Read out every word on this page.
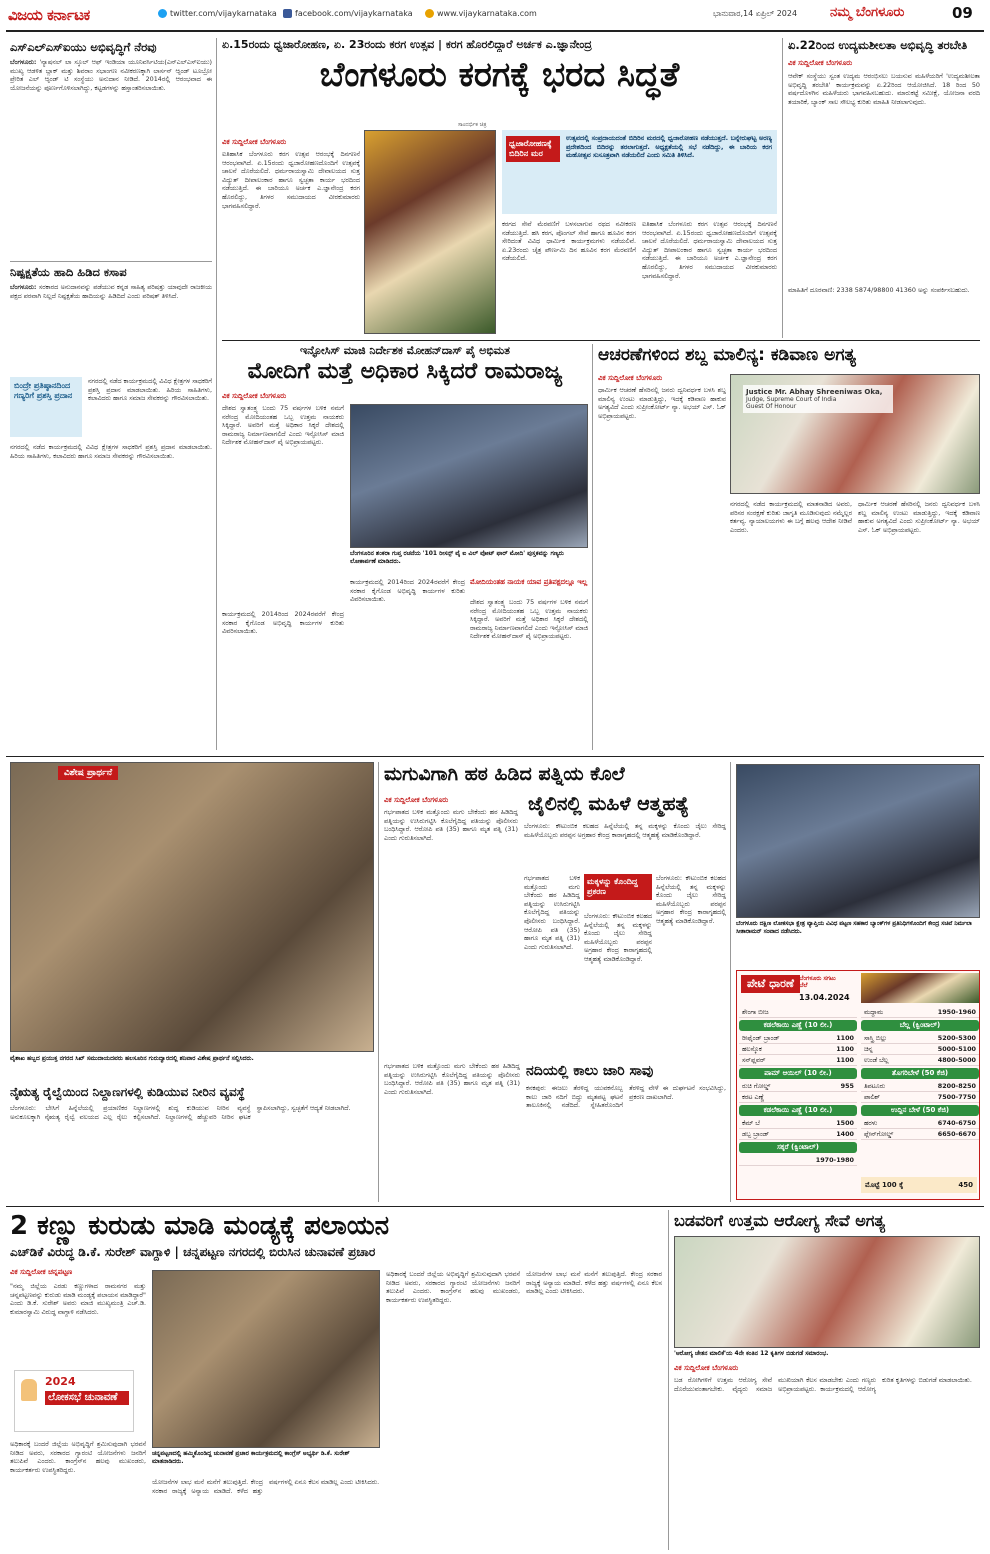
ವಿಜಯ ಕರ್ನಾಟಕ	twitter.com/vijaykarnataka facebook.com/vijaykarnataka	www.vijaykarnataka.com	ಭಾನುವಾರ,14 ಏಪ್ರಿಲ್ 2024	ನಮ್ಮ ಬೆಂಗಳೂರು	09
ಎಸ್‌ಎಲ್‌ಎಸ್‌ಐಯು ಅಭಿವೃದ್ಧಿಗೆ ನೆರವು
ಬೆಂಗಳೂರು: 'ನ್ಯಾಷನಲ್ ಲಾ ಸ್ಕೂಲ್ ಆಫ್ ಇಂಡಿಯಾ ಯೂನಿವರ್ಸಿಟಿಯ(ಎನ್‌ಎಲ್‌ಎಸ್‌ಐಯು) ಮುಖ್ಯ ಆಡಳಿತ ಬ್ಲಾಕ್ ಮತ್ತು ಶಿವರಾಂ ಸಭಾಂಗಣ ನವೀಕರಣಕ್ಕಾಗಿ ಲಾರ್ಸನ್ ಆ್ಯಂಡ್ ಟೂಬ್ರೋ ಪ್ರೇರಿತ ಎಲ್‌ ಆ್ಯಂಡ್ ಟಿ ಸಂಸ್ಥೆಯು ಅನುದಾನ ನೀಡಿದೆ. 2014ರಲ್ಲಿ ಆರಂಭವಾದ ಈ ಯೋಜನೆಯನ್ನು ಪೂರ್ಣಗೊಳಿಸಲಾಗಿದ್ದು, ಕಟ್ಟಡಗಳನ್ನು ಹಸ್ತಾಂತರಿಸಲಾಯಿತು.
ನಿಷ್ಪಕ್ಷತೆಯ ಹಾದಿ ಹಿಡಿದ ಕಸಾಪ
ಬೆಂಗಳೂರು: ಸರಕಾರದ ಅನುದಾನವನ್ನು ಪಡೆಯುವ ಕನ್ನಡ ಸಾಹಿತ್ಯ ಪರಿಷತ್ತು ಯಾವುದೇ ರಾಜಕೀಯ ಪಕ್ಷದ ಪರವಾಗಿ ನಿಲ್ಲದೆ ನಿಷ್ಪಕ್ಷತೆಯ ಹಾದಿಯನ್ನು ಹಿಡಿದಿದೆ ಎಂದು ಪರಿಷತ್ ತಿಳಿಸಿದೆ.
ಬಿಂದ್ರೇ ಪ್ರತಿಷ್ಠಾನದಿಂದ ಗಣ್ಯರಿಗೆ ಪ್ರಶಸ್ತಿ ಪ್ರದಾನ
ನಗರದಲ್ಲಿ ನಡೆದ ಕಾರ್ಯಕ್ರಮದಲ್ಲಿ ವಿವಿಧ ಕ್ಷೇತ್ರಗಳ ಸಾಧಕರಿಗೆ ಪ್ರಶಸ್ತಿ ಪ್ರದಾನ ಮಾಡಲಾಯಿತು. ಹಿರಿಯ ಸಾಹಿತಿಗಳು, ಕಲಾವಿದರು ಹಾಗೂ ಸಮಾಜ ಸೇವಕರನ್ನು ಗೌರವಿಸಲಾಯಿತು.
ನಗರದಲ್ಲಿ ನಡೆದ ಕಾರ್ಯಕ್ರಮದಲ್ಲಿ ವಿವಿಧ ಕ್ಷೇತ್ರಗಳ ಸಾಧಕರಿಗೆ ಪ್ರಶಸ್ತಿ ಪ್ರದಾನ ಮಾಡಲಾಯಿತು. ಹಿರಿಯ ಸಾಹಿತಿಗಳು, ಕಲಾವಿದರು ಹಾಗೂ ಸಮಾಜ ಸೇವಕರನ್ನು ಗೌರವಿಸಲಾಯಿತು.
ಏ.15ರಂದು ಧ್ವಜಾರೋಹಣ, ಏ. 23ರಂದು ಕರಗ ಉತ್ಸವ | ಕರಗ ಹೊರಲಿದ್ದಾರೆ ಅರ್ಚಕ ಎ.ಜ್ಞಾನೇಂದ್ರ
ಬೆಂಗಳೂರು ಕರಗಕ್ಕೆ ಭರದ ಸಿದ್ಧತೆ
ಸಾಂದರ್ಭಿಕ ಚಿತ್ರ
ವಿಕ ಸುದ್ದಿಲೋಕ ಬೆಂಗಳೂರು
ಐತಿಹಾಸಿಕ ಬೆಂಗಳೂರು ಕರಗ ಉತ್ಸವ ಆರಂಭಕ್ಕೆ ದಿನಗಣನೆ ಆರಂಭವಾಗಿದೆ. ಏ.15ರಂದು ಧ್ವಜಾರೋಹಣದೊಂದಿಗೆ ಉತ್ಸವಕ್ಕೆ ಚಾಲನೆ ದೊರೆಯಲಿದೆ. ಧರ್ಮರಾಯಸ್ವಾಮಿ ದೇವಾಲಯದ ಸುತ್ತ ವಿದ್ಯುತ್ ದೀಪಾಲಂಕಾರ ಹಾಗೂ ಸ್ವಚ್ಛತಾ ಕಾರ್ಯ ಭರದಿಂದ ನಡೆಯುತ್ತಿದೆ. ಈ ಬಾರಿಯೂ ಅರ್ಚಕ ಎ.ಜ್ಞಾನೇಂದ್ರ ಕರಗ ಹೊರಲಿದ್ದು, ತಿಗಳರ ಸಮುದಾಯದ ವೀರಕುಮಾರರು ಭಾಗವಹಿಸಲಿದ್ದಾರೆ.
ಧ್ವಜಾರೋಹಣಕ್ಕೆ ಬಿದಿರಿನ ಮರ
ಉತ್ಸವದಲ್ಲಿ ಸಂಪ್ರದಾಯದಂತೆ ಬಿದಿರಿನ ಮರದಲ್ಲಿ ಧ್ವಜಾರೋಹಣ ನಡೆಯುತ್ತದೆ. ಬನ್ನೇರುಘಟ್ಟ ಅರಣ್ಯ ಪ್ರದೇಶದಿಂದ ಬಿದಿರನ್ನು ತರಲಾಗುತ್ತದೆ. ಅಧ್ಯಕ್ಷತೆಯಲ್ಲಿ ಸಭೆ ನಡೆದಿದ್ದು, ಈ ಬಾರಿಯ ಕರಗ ಮಹೋತ್ಸವ ಸುಸೂತ್ರವಾಗಿ ನಡೆಯಲಿದೆ ಎಂದು ಸಮಿತಿ ತಿಳಿಸಿದೆ.
ಕರಗದ ಸೇವೆ ಮೆರವಣಿಗೆ ಬಳಸಲಾಗುವ ರಥದ ನವೀಕರಣ ನಡೆಯುತ್ತಿದೆ. ಹಸಿ ಕರಗ, ಪೊಂಗಲ್ ಸೇವೆ ಹಾಗೂ ಹೂವಿನ ಕರಗ ಸೇರಿದಂತೆ ವಿವಿಧ ಧಾರ್ಮಿಕ ಕಾರ್ಯಕ್ರಮಗಳು ನಡೆಯಲಿವೆ. ಏ.23ರಂದು ಚೈತ್ರ ಪೌರ್ಣಮಿ ದಿನ ಹೂವಿನ ಕರಗ ಮೆರವಣಿಗೆ ನಡೆಯಲಿದೆ.
ಐತಿಹಾಸಿಕ ಬೆಂಗಳೂರು ಕರಗ ಉತ್ಸವ ಆರಂಭಕ್ಕೆ ದಿನಗಣನೆ ಆರಂಭವಾಗಿದೆ. ಏ.15ರಂದು ಧ್ವಜಾರೋಹಣದೊಂದಿಗೆ ಉತ್ಸವಕ್ಕೆ ಚಾಲನೆ ದೊರೆಯಲಿದೆ. ಧರ್ಮರಾಯಸ್ವಾಮಿ ದೇವಾಲಯದ ಸುತ್ತ ವಿದ್ಯುತ್ ದೀಪಾಲಂಕಾರ ಹಾಗೂ ಸ್ವಚ್ಛತಾ ಕಾರ್ಯ ಭರದಿಂದ ನಡೆಯುತ್ತಿದೆ. ಈ ಬಾರಿಯೂ ಅರ್ಚಕ ಎ.ಜ್ಞಾನೇಂದ್ರ ಕರಗ ಹೊರಲಿದ್ದು, ತಿಗಳರ ಸಮುದಾಯದ ವೀರಕುಮಾರರು ಭಾಗವಹಿಸಲಿದ್ದಾರೆ.
ಏ.22ರಿಂದ ಉದ್ಯಮಶೀಲತಾ ಅಭಿವೃದ್ಧಿ ತರಬೇತಿ
ವಿಕ ಸುದ್ದಿಲೋಕ ಬೆಂಗಳೂರು
ಆವೇಕ್ ಸಂಸ್ಥೆಯು ಸ್ವಂತ ಉದ್ಯಮ ಆರಂಭಿಸಲು ಬಯಸುವ ಮಹಿಳೆಯರಿಗೆ 'ಉದ್ಯಮಶೀಲತಾ ಅಭಿವೃದ್ಧಿ ತರಬೇತಿ' ಕಾರ್ಯಕ್ರಮವನ್ನು ಏ.22ರಿಂದ ಆಯೋಜಿಸಿದೆ. 18 ರಿಂದ 50 ವರ್ಷದೊಳಗಿನ ಮಹಿಳೆಯರು ಭಾಗವಹಿಸಬಹುದು. ಮಾರುಕಟ್ಟೆ ಸಮೀಕ್ಷೆ, ಯೋಜನಾ ವರದಿ ತಯಾರಿಕೆ, ಬ್ಯಾಂಕ್ ಸಾಲ ಸೌಲಭ್ಯ ಕುರಿತು ಮಾಹಿತಿ ನೀಡಲಾಗುವುದು.
ಮಾಹಿತಿಗೆ ದೂರವಾಣಿ: 2338 5874/98800 41360 ಅನ್ನು ಸಂಪರ್ಕಿಸಬಹುದು.
ಇನ್ಫೋಸಿಸ್ ಮಾಜಿ ನಿರ್ದೇಶಕ ಮೋಹನ್‌ದಾಸ್ ಪೈ ಅಭಿಮತ
ಮೋದಿಗೆ ಮತ್ತೆ ಅಧಿಕಾರ ಸಿಕ್ಕಿದರೆ ರಾಮರಾಜ್ಯ
ವಿಕ ಸುದ್ದಿಲೋಕ ಬೆಂಗಳೂರು
ದೇಶದ ಸ್ವಾತಂತ್ರ್ಯ ಬಂದು 75 ವರ್ಷಗಳ ಬಳಿಕ ನಮಗೆ ನರೇಂದ್ರ ಮೋದಿಯಂತಹ ಒಬ್ಬ ಉತ್ತಮ ನಾಯಕರು ಸಿಕ್ಕಿದ್ದಾರೆ. ಅವರಿಗೆ ಮತ್ತೆ ಅಧಿಕಾರ ಸಿಕ್ಕರೆ ದೇಶದಲ್ಲಿ ರಾಮರಾಜ್ಯ ನಿರ್ಮಾಣವಾಗಲಿದೆ ಎಂದು ಇನ್ಫೋಸಿಸ್ ಮಾಜಿ ನಿರ್ದೇಶಕ ಮೋಹನ್‌ದಾಸ್ ಪೈ ಅಭಿಪ್ರಾಯಪಟ್ಟರು.
ಬೆಂಗಳೂರಿನ ಶಂಕರಾ ಗುಪ್ತ ರಚನೆಯ '101 ರೀಸನ್ಸ್ ವೈ ಐ ವಿಲ್ ವೋಟ್ ಫಾರ್ ಮೋದಿ' ಪುಸ್ತಕವನ್ನು ಗಣ್ಯರು ಲೋಕಾರ್ಪಣೆ ಮಾಡಿದರು.
ಕಾರ್ಯಕ್ರಮದಲ್ಲಿ 2014ರಿಂದ 2024ರವರೆಗೆ ಕೇಂದ್ರ ಸರಕಾರ ಕೈಗೊಂಡ ಅಭಿವೃದ್ಧಿ ಕಾರ್ಯಗಳ ಕುರಿತು ವಿವರಿಸಲಾಯಿತು.
ಮೋದಿಯಂತಹ ನಾಯಕ ಯಾವ ಪ್ರತಿಪಕ್ಷದಲ್ಲೂ ಇಲ್ಲ
ದೇಶದ ಸ್ವಾತಂತ್ರ್ಯ ಬಂದು 75 ವರ್ಷಗಳ ಬಳಿಕ ನಮಗೆ ನರೇಂದ್ರ ಮೋದಿಯಂತಹ ಒಬ್ಬ ಉತ್ತಮ ನಾಯಕರು ಸಿಕ್ಕಿದ್ದಾರೆ. ಅವರಿಗೆ ಮತ್ತೆ ಅಧಿಕಾರ ಸಿಕ್ಕರೆ ದೇಶದಲ್ಲಿ ರಾಮರಾಜ್ಯ ನಿರ್ಮಾಣವಾಗಲಿದೆ ಎಂದು ಇನ್ಫೋಸಿಸ್ ಮಾಜಿ ನಿರ್ದೇಶಕ ಮೋಹನ್‌ದಾಸ್ ಪೈ ಅಭಿಪ್ರಾಯಪಟ್ಟರು.
ಕಾರ್ಯಕ್ರಮದಲ್ಲಿ 2014ರಿಂದ 2024ರವರೆಗೆ ಕೇಂದ್ರ ಸರಕಾರ ಕೈಗೊಂಡ ಅಭಿವೃದ್ಧಿ ಕಾರ್ಯಗಳ ಕುರಿತು ವಿವರಿಸಲಾಯಿತು.
ಆಚರಣೆಗಳಿಂದ ಶಬ್ದ ಮಾಲಿನ್ಯ: ಕಡಿವಾಣ ಅಗತ್ಯ
ವಿಕ ಸುದ್ದಿಲೋಕ ಬೆಂಗಳೂರು
ಧಾರ್ಮಿಕ ಆಚರಣೆ ಹೆಸರಿನಲ್ಲಿ ಜನರು ದ್ವನಿವರ್ಧಕ ಬಳಸಿ ಶಬ್ದ ಮಾಲಿನ್ಯ ಉಂಟು ಮಾಡುತ್ತಿದ್ದು, ಇದಕ್ಕೆ ಕಡಿವಾಣ ಹಾಕುವ ಅಗತ್ಯವಿದೆ ಎಂದು ಸುಪ್ರೀಂಕೋರ್ಟ್ ನ್ಯಾ. ಅಭಯ್ ಎಸ್. ಓಕ್ ಅಭಿಪ್ರಾಯಪಟ್ಟರು.
Justice Mr. Abhay Shreeniwas Oka,
Judge, Supreme Court of India
Guest Of Honour
ನಗರದಲ್ಲಿ ನಡೆದ ಕಾರ್ಯಕ್ರಮದಲ್ಲಿ ಮಾತನಾಡಿದ ಅವರು, ಪರಿಸರ ಸಂರಕ್ಷಣೆ ಕುರಿತು ಜಾಗೃತಿ ಮೂಡಿಸುವುದು ನಮ್ಮೆಲ್ಲರ ಕರ್ತವ್ಯ. ನ್ಯಾಯಾಲಯಗಳು ಈ ಬಗ್ಗೆ ಹಲವು ಆದೇಶ ನೀಡಿವೆ ಎಂದರು.
ಧಾರ್ಮಿಕ ಆಚರಣೆ ಹೆಸರಿನಲ್ಲಿ ಜನರು ದ್ವನಿವರ್ಧಕ ಬಳಸಿ ಶಬ್ದ ಮಾಲಿನ್ಯ ಉಂಟು ಮಾಡುತ್ತಿದ್ದು, ಇದಕ್ಕೆ ಕಡಿವಾಣ ಹಾಕುವ ಅಗತ್ಯವಿದೆ ಎಂದು ಸುಪ್ರೀಂಕೋರ್ಟ್ ನ್ಯಾ. ಅಭಯ್ ಎಸ್. ಓಕ್ ಅಭಿಪ್ರಾಯಪಟ್ಟರು.
ವಿಶೇಷ ಪ್ರಾರ್ಥನೆ
ವೈಶಾಖ ಹಬ್ಬದ ಪ್ರಯುಕ್ತ ನಗರದ ಸಿಖ್ ಸಮುದಾಯದವರು ಹಲಸೂರಿನ ಗುರುದ್ವಾರದಲ್ಲಿ ಶನಿವಾರ ವಿಶೇಷ ಪ್ರಾರ್ಥನೆ ಸಲ್ಲಿಸಿದರು.
ನೈಋತ್ಯ ರೈಲ್ವೆಯಿಂದ ನಿಲ್ದಾಣಗಳಲ್ಲಿ ಕುಡಿಯುವ ನೀರಿನ ವ್ಯವಸ್ಥೆ
ಬೆಂಗಳೂರು: ಬೇಸಿಗೆ ಹಿನ್ನೆಲೆಯಲ್ಲಿ ಪ್ರಯಾಣಿಕರ ಅನುಕೂಲಕ್ಕಾಗಿ ನೈಋತ್ಯ ರೈಲ್ವೆ ವಲಯದ ಎಲ್ಲ ರೈಲು ನಿಲ್ದಾಣಗಳಲ್ಲಿ ಶುದ್ಧ ಕುಡಿಯುವ ನೀರಿನ ವ್ಯವಸ್ಥೆ ಕಲ್ಪಿಸಲಾಗಿದೆ. ನಿಲ್ದಾಣಗಳಲ್ಲಿ ಹೆಚ್ಚುವರಿ ನೀರಿನ ಘಟಕ ಸ್ಥಾಪಿಸಲಾಗಿದ್ದು, ಸ್ವಚ್ಛತೆಗೆ ಆದ್ಯತೆ ನೀಡಲಾಗಿದೆ.
ಮಗುವಿಗಾಗಿ ಹಠ ಹಿಡಿದ ಪತ್ನಿಯ ಕೊಲೆ
ವಿಕ ಸುದ್ದಿಲೋಕ ಬೆಂಗಳೂರು	ಜೈಲಿನಲ್ಲಿ ಮಹಿಳೆ ಆತ್ಮಹತ್ಯೆ
ಗರ್ಭಪಾತದ ಬಳಿಕ ಮತ್ತೊಂದು ಮಗು ಬೇಕೆಂದು ಹಠ ಹಿಡಿದಿದ್ದ ಪತ್ನಿಯನ್ನು ಉಸಿರುಗಟ್ಟಿಸಿ ಕೊಲೆಗೈದಿದ್ದ ಪತಿಯನ್ನು ಪೊಲೀಸರು ಬಂಧಿಸಿದ್ದಾರೆ. ಆರೋಪಿ ಪತಿ (35) ಹಾಗೂ ಮೃತ ಪತ್ನಿ (31) ಎಂದು ಗುರುತಿಸಲಾಗಿದೆ.
ಬೆಂಗಳೂರು: ಕೌಟುಂಬಿಕ ಕಲಹದ ಹಿನ್ನೆಲೆಯಲ್ಲಿ ತನ್ನ ಮಕ್ಕಳನ್ನು ಕೊಂದು ಜೈಲು ಸೇರಿದ್ದ ಮಹಿಳೆಯೊಬ್ಬರು ಪರಪ್ಪನ ಅಗ್ರಹಾರ ಕೇಂದ್ರ ಕಾರಾಗೃಹದಲ್ಲಿ ಆತ್ಮಹತ್ಯೆ ಮಾಡಿಕೊಂಡಿದ್ದಾರೆ.
ಮಕ್ಕಳನ್ನು ಕೊಂದಿದ್ದ ಪ್ರಕರಣ
ಗರ್ಭಪಾತದ ಬಳಿಕ ಮತ್ತೊಂದು ಮಗು ಬೇಕೆಂದು ಹಠ ಹಿಡಿದಿದ್ದ ಪತ್ನಿಯನ್ನು ಉಸಿರುಗಟ್ಟಿಸಿ ಕೊಲೆಗೈದಿದ್ದ ಪತಿಯನ್ನು ಪೊಲೀಸರು ಬಂಧಿಸಿದ್ದಾರೆ. ಆರೋಪಿ ಪತಿ (35) ಹಾಗೂ ಮೃತ ಪತ್ನಿ (31) ಎಂದು ಗುರುತಿಸಲಾಗಿದೆ.
ಬೆಂಗಳೂರು: ಕೌಟುಂಬಿಕ ಕಲಹದ ಹಿನ್ನೆಲೆಯಲ್ಲಿ ತನ್ನ ಮಕ್ಕಳನ್ನು ಕೊಂದು ಜೈಲು ಸೇರಿದ್ದ ಮಹಿಳೆಯೊಬ್ಬರು ಪರಪ್ಪನ ಅಗ್ರಹಾರ ಕೇಂದ್ರ ಕಾರಾಗೃಹದಲ್ಲಿ ಆತ್ಮಹತ್ಯೆ ಮಾಡಿಕೊಂಡಿದ್ದಾರೆ.
ಬೆಂಗಳೂರು: ಕೌಟುಂಬಿಕ ಕಲಹದ ಹಿನ್ನೆಲೆಯಲ್ಲಿ ತನ್ನ ಮಕ್ಕಳನ್ನು ಕೊಂದು ಜೈಲು ಸೇರಿದ್ದ ಮಹಿಳೆಯೊಬ್ಬರು ಪರಪ್ಪನ ಅಗ್ರಹಾರ ಕೇಂದ್ರ ಕಾರಾಗೃಹದಲ್ಲಿ ಆತ್ಮಹತ್ಯೆ ಮಾಡಿಕೊಂಡಿದ್ದಾರೆ.
ನದಿಯಲ್ಲಿ ಕಾಲು ಜಾರಿ ಸಾವು
ಕನಕಪುರ: ಈಜಲು ತೆರಳಿದ್ದ ಯುವಕನೊಬ್ಬ ಕಾಲು ಜಾರಿ ನದಿಗೆ ಬಿದ್ದು ಮೃತಪಟ್ಟ ಘಟನೆ ತಾಲೂಕಿನಲ್ಲಿ ನಡೆದಿದೆ. ಸ್ನೇಹಿತರೊಂದಿಗೆ ತೆರಳಿದ್ದ ವೇಳೆ ಈ ದುರ್ಘಟನೆ ಸಂಭವಿಸಿದ್ದು, ಪ್ರಕರಣ ದಾಖಲಾಗಿದೆ.
ಗರ್ಭಪಾತದ ಬಳಿಕ ಮತ್ತೊಂದು ಮಗು ಬೇಕೆಂದು ಹಠ ಹಿಡಿದಿದ್ದ ಪತ್ನಿಯನ್ನು ಉಸಿರುಗಟ್ಟಿಸಿ ಕೊಲೆಗೈದಿದ್ದ ಪತಿಯನ್ನು ಪೊಲೀಸರು ಬಂಧಿಸಿದ್ದಾರೆ. ಆರೋಪಿ ಪತಿ (35) ಹಾಗೂ ಮೃತ ಪತ್ನಿ (31) ಎಂದು ಗುರುತಿಸಲಾಗಿದೆ.
ಬೆಂಗಳೂರು ದಕ್ಷಿಣ ಲೋಕಸಭಾ ಕ್ಷೇತ್ರ ವ್ಯಾಪ್ತಿಯ ವಿವಿಧ ಪಟ್ಟಣ ಸಹಕಾರ ಬ್ಯಾಂಕ್‌ಗಳ ಪ್ರತಿನಿಧಿಗಳೊಂದಿಗೆ ಕೇಂದ್ರ ಸಚಿವೆ ನಿರ್ಮಲಾ ಸೀತಾರಾಮನ್ ಸಂವಾದ ನಡೆಸಿದರು.
ಪೇಟೆ ಧಾರಣೆ ಬೆಂಗಳೂರು ಸಗಟು ಬೆಲೆ
13.04.2024
ಶೇಂಗಾ ಬೀಜ
ಕಡಲೆಕಾಯಿ ಎಣ್ಣೆ (10 ಲೀ.)
ರೀಫೈಂಡ್ ಬ್ರಾಂಡ್	1100
ಹಲಸ್ಕೊಕ	1100
ಸನ್‌ಫ್ಲವರ್	1100
ಪಾಮ್ ಆಯಿಲ್ (10 ಲೀ.)
ರುಚಿ ಗೋಲ್ಡ್	955
ಕರಟ ಎಣ್ಣೆ
ಕಡಲೆಕಾಯಿ ಎಣ್ಣೆ (10 ಲೀ.)
ಕೆಮ್ ಬೆ	1500
ಡಬ್ಬ ಬ್ರಾಂಡ್	1400
ಸಕ್ಕರೆ (ಕ್ವಿಂಟಾಲ್)
1970-1980
ಮದ್ದಾಮ	1950-1960
ಬೆಲ್ಲ (ಕ್ವಿಂಟಾಲ್)
ಸಾಸ್ತ್ರಿ ಬಿಲ್ಲು	5200-5300
ಚಿನ್ನ	5000-5100
ಉಂಡೆ ಬೆಲ್ಲ	4800-5000
ತೊಗರಿಬೇಳೆ (50 ಕೆಜಿ)
ತಿಪಟೂರು	8200-8250
ಪಾಲಿಶ್	7500-7750
ಉದ್ದಿನ ಬೇಳೆ (50 ಕೆಜಿ)
ಹರಳು	6740-6750
ಪ್ಲೇನ್‌ಗೋಲ್ಡ್	6650-6670
ಮೊಟ್ಟೆ 100 ಕ್ಕೆ	450
2 ಕಣ್ಣು ಕುರುಡು ಮಾಡಿ ಮಂಡ್ಯಕ್ಕೆ ಪಲಾಯನ
ಎಚ್‌ಡಿಕೆ ವಿರುದ್ಧ ಡಿ.ಕೆ. ಸುರೇಶ್ ವಾಗ್ದಾಳಿ | ಚನ್ನಪಟ್ಟಣ ನಗರದಲ್ಲಿ ಬಿರುಸಿನ ಚುನಾವಣೆ ಪ್ರಚಾರ
ವಿಕ ಸುದ್ದಿಲೋಕ ಚನ್ನಪಟ್ಟಣ
"ನಮ್ಮ ಜಿಲ್ಲೆಯ ಎರಡು ಕಣ್ಣುಗಳಾದ ರಾಮನಗರ ಮತ್ತು ಚನ್ನಪಟ್ಟಣವನ್ನು ಕುರುಡು ಮಾಡಿ ಮಂಡ್ಯಕ್ಕೆ ಪಲಾಯನ ಮಾಡಿದ್ದಾರೆ" ಎಂದು ಡಿ.ಕೆ. ಸುರೇಶ್ ಅವರು ಮಾಜಿ ಮುಖ್ಯಮಂತ್ರಿ ಎಚ್.ಡಿ. ಕುಮಾರಸ್ವಾಮಿ ವಿರುದ್ಧ ವಾಗ್ದಾಳಿ ನಡೆಸಿದರು.
2024
ಲೋಕಸಭೆ ಚುನಾವಣೆ
ಅಧಿಕಾರಕ್ಕೆ ಬಂದರೆ ಜಿಲ್ಲೆಯ ಅಭಿವೃದ್ಧಿಗೆ ಶ್ರಮಿಸುವುದಾಗಿ ಭರವಸೆ ನೀಡಿದ ಅವರು, ಸರಕಾರದ ಗ್ಯಾರಂಟಿ ಯೋಜನೆಗಳು ಜನರಿಗೆ ತಲುಪಿವೆ ಎಂದರು. ಕಾಂಗ್ರೆಸ್‌ನ ಹಲವು ಮುಖಂಡರು, ಕಾರ್ಯಕರ್ತರು ಉಪಸ್ಥಿತರಿದ್ದರು.
ಚನ್ನಪಟ್ಟಣದಲ್ಲಿ ಹಮ್ಮಿಕೊಂಡಿದ್ದ ಚುನಾವಣೆ ಪ್ರಚಾರ ಕಾರ್ಯಕ್ರಮದಲ್ಲಿ ಕಾಂಗ್ರೆಸ್ ಅಭ್ಯರ್ಥಿ ಡಿ.ಕೆ. ಸುರೇಶ್ ಮಾತನಾಡಿದರು.
ಯೋಜನೆಗಳ ಲಾಭ ಮನೆ ಮನೆಗೆ ತಲುಪುತ್ತಿದೆ. ಕೇಂದ್ರ ಸರಕಾರ ರಾಜ್ಯಕ್ಕೆ ಅನ್ಯಾಯ ಮಾಡಿದೆ. ಕಳೆದ ಹತ್ತು ವರ್ಷಗಳಲ್ಲಿ ಏನೂ ಕೆಲಸ ಮಾಡಿಲ್ಲ ಎಂದು ಟೀಕಿಸಿದರು.
ಅಧಿಕಾರಕ್ಕೆ ಬಂದರೆ ಜಿಲ್ಲೆಯ ಅಭಿವೃದ್ಧಿಗೆ ಶ್ರಮಿಸುವುದಾಗಿ ಭರವಸೆ ನೀಡಿದ ಅವರು, ಸರಕಾರದ ಗ್ಯಾರಂಟಿ ಯೋಜನೆಗಳು ಜನರಿಗೆ ತಲುಪಿವೆ ಎಂದರು. ಕಾಂಗ್ರೆಸ್‌ನ ಹಲವು ಮುಖಂಡರು, ಕಾರ್ಯಕರ್ತರು ಉಪಸ್ಥಿತರಿದ್ದರು.
ಯೋಜನೆಗಳ ಲಾಭ ಮನೆ ಮನೆಗೆ ತಲುಪುತ್ತಿದೆ. ಕೇಂದ್ರ ಸರಕಾರ ರಾಜ್ಯಕ್ಕೆ ಅನ್ಯಾಯ ಮಾಡಿದೆ. ಕಳೆದ ಹತ್ತು ವರ್ಷಗಳಲ್ಲಿ ಏನೂ ಕೆಲಸ ಮಾಡಿಲ್ಲ ಎಂದು ಟೀಕಿಸಿದರು.
ಬಡವರಿಗೆ ಉತ್ತಮ ಆರೋಗ್ಯ ಸೇವೆ ಅಗತ್ಯ
'ಆರೋಗ್ಯ ಚೇತನ ಮಾಲಿಕೆ'ಯ 4ನೇ ಕಂತಿನ 12 ಕೃತಿಗಳ ಬಿಡುಗಡೆ ಸಮಾರಂಭ.
ವಿಕ ಸುದ್ದಿಲೋಕ ಬೆಂಗಳೂರು
ಬಡ ರೋಗಿಗಳಿಗೆ ಉತ್ತಮ ಆರೋಗ್ಯ ಸೇವೆ ದೊರೆಯುವಂತಾಗಬೇಕು. ವೈದ್ಯರು ಸಮಾಜ ಮುಖಿಯಾಗಿ ಕೆಲಸ ಮಾಡಬೇಕು ಎಂದು ಗಣ್ಯರು ಅಭಿಪ್ರಾಯಪಟ್ಟರು. ಕಾರ್ಯಕ್ರಮದಲ್ಲಿ ಆರೋಗ್ಯ ಕುರಿತ ಕೃತಿಗಳನ್ನು ಬಿಡುಗಡೆ ಮಾಡಲಾಯಿತು.
